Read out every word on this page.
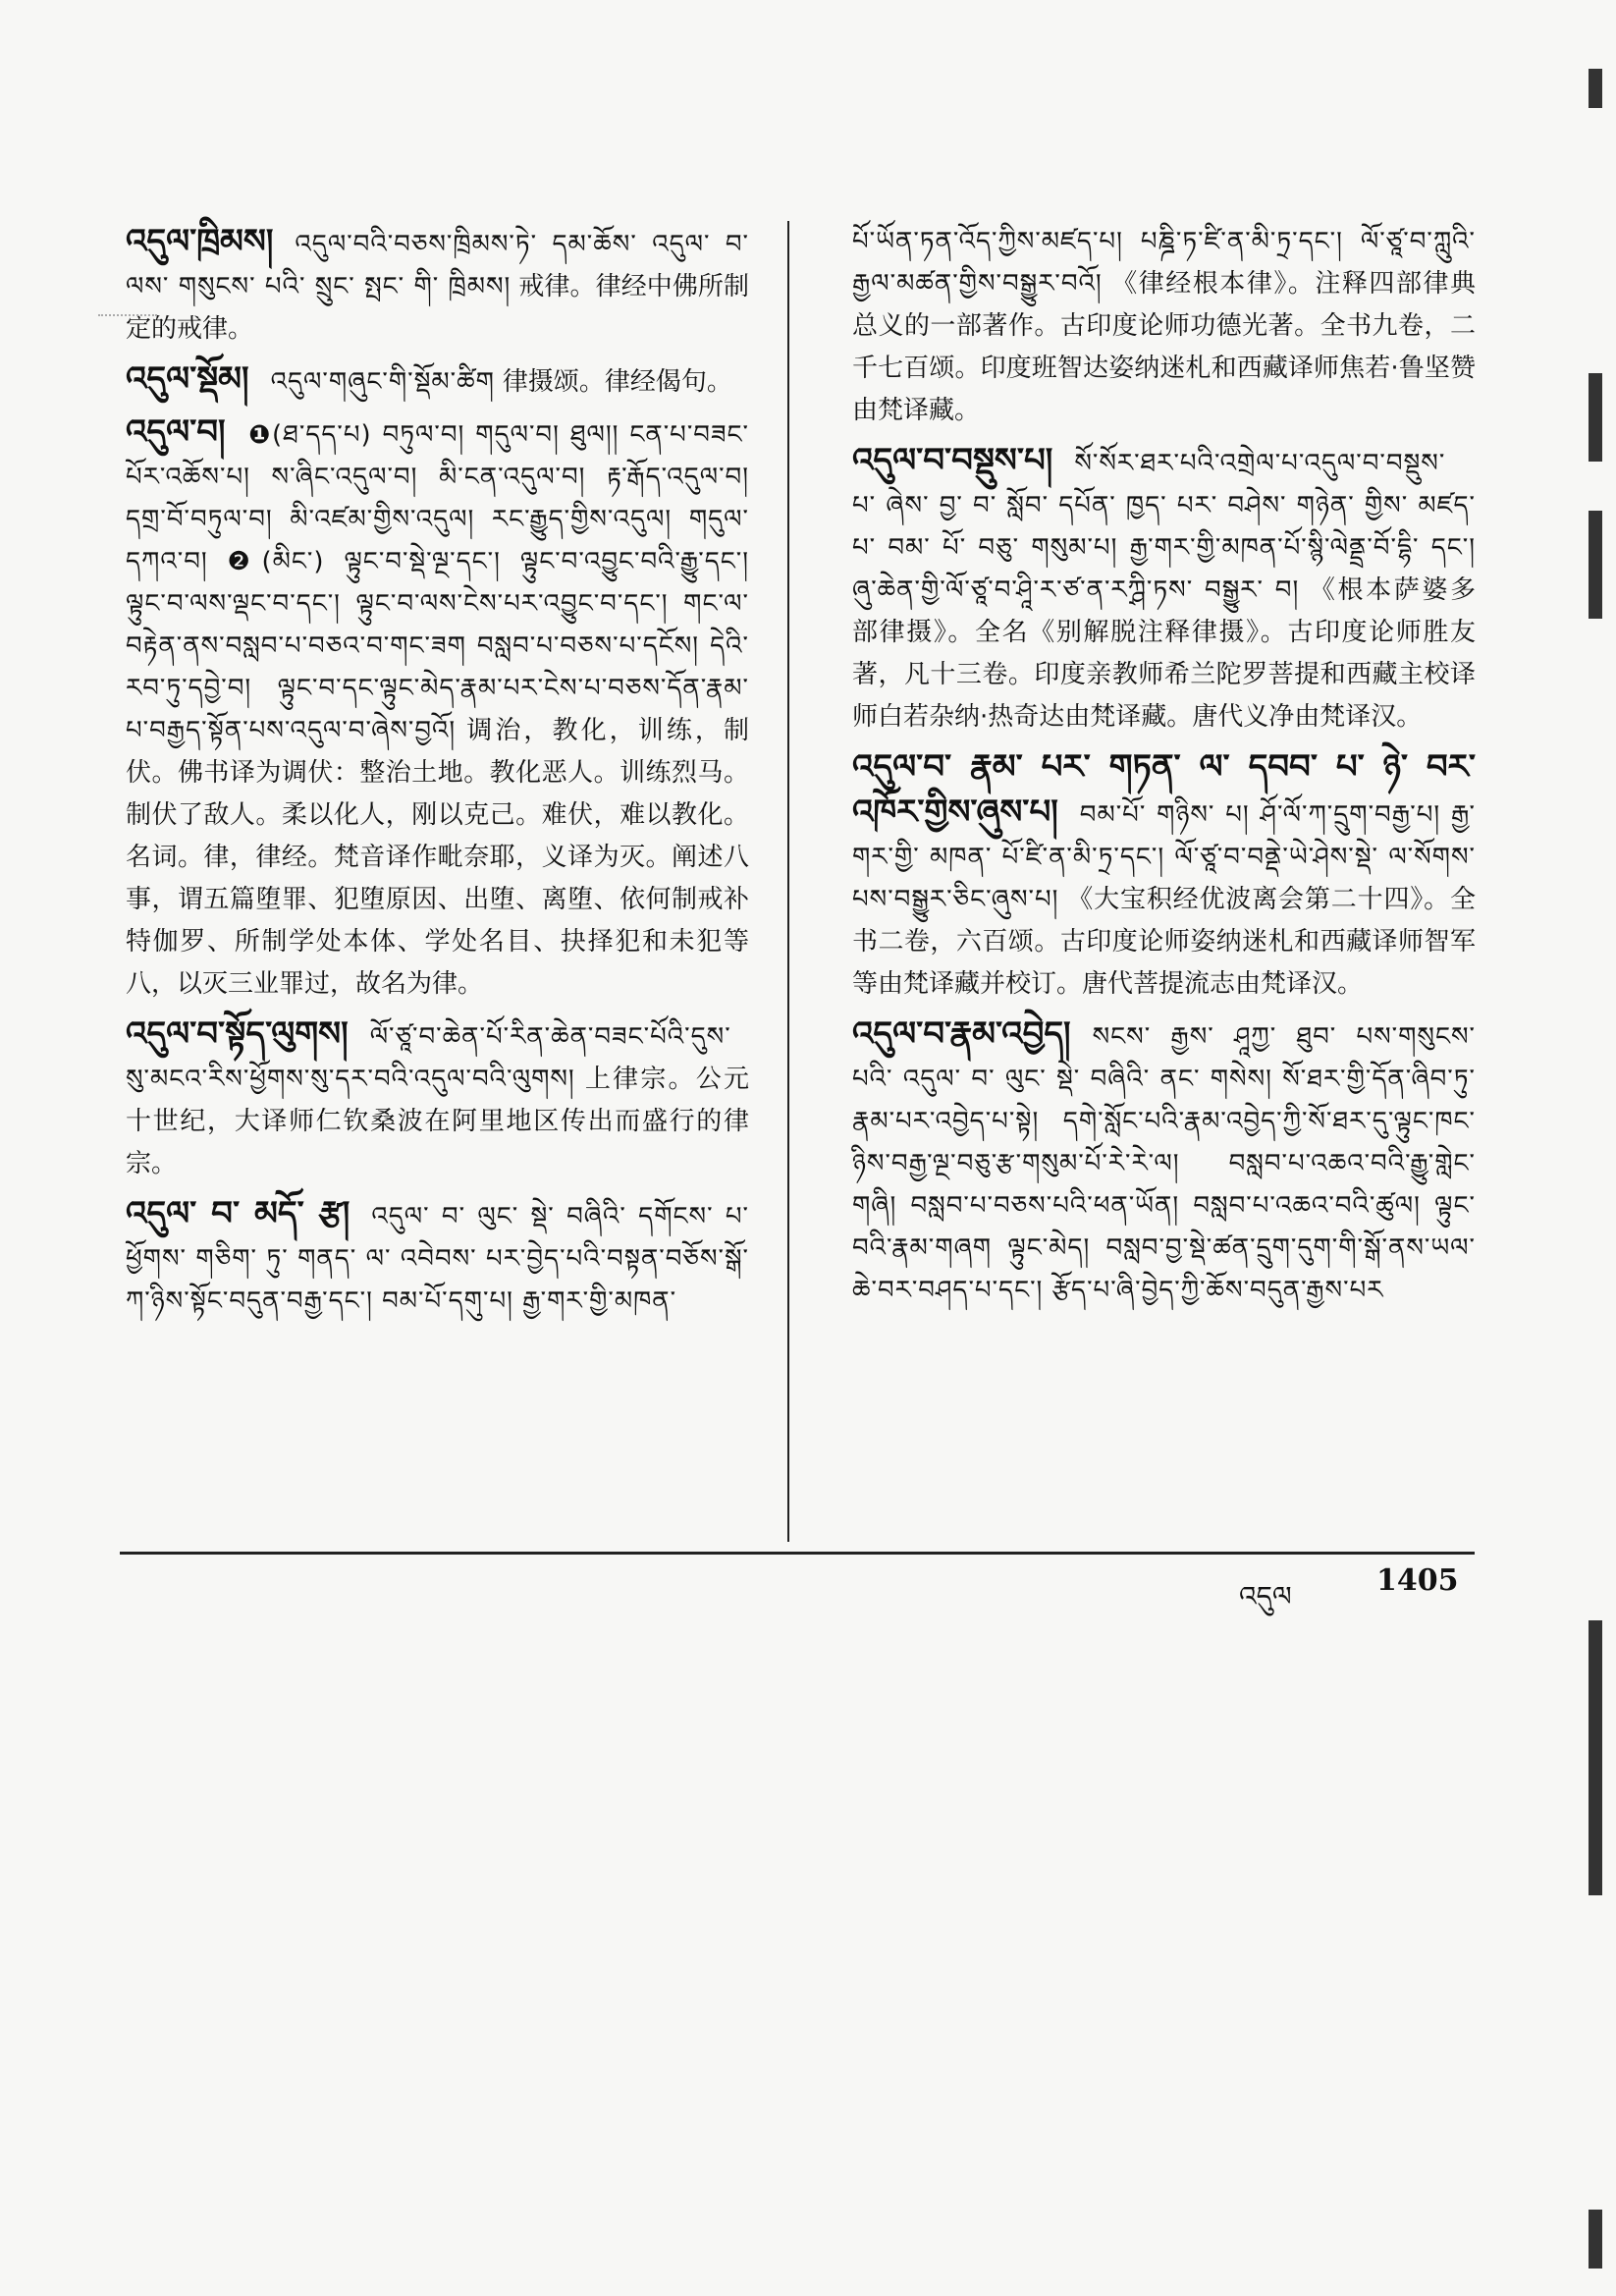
འདུལ་ཁྲིམས། འདུལ་བའི་བཅས་ཁྲིམས་ཏེ་ དམ་ཆོས་ འདུལ་ བ་ ལས་ གསུངས་ པའི་ སྲུང་ སྤང་ གི་ ཁྲིམས། 戒律。律经中佛所制定的戒律。
འདུལ་སྡོམ། འདུལ་གཞུང་གི་སྡོམ་ཚིག 律摄颂。律经偈句。
འདུལ་བ། ❶(ཐ་དད་པ) བཏུལ་བ། གདུལ་བ། ཐུལ།། ངན་པ་བཟང་པོར་འཆོས་པ། ས་ཞིང་འདུལ་བ། མི་ངན་འདུལ་བ། རྟ་རྒོད་འདུལ་བ། དགྲ་བོ་བཏུལ་བ། མི་འཛམ་གྱིས་འདུལ། རང་རྒྱུད་གྱིས་འདུལ། གདུལ་དཀའ་བ། ❷(མིང་) ལྟུང་བ་སྡེ་ལྔ་དང་། ལྟུང་བ་འབྱུང་བའི་རྒྱུ་དང་། ལྟུང་བ་ལས་ལྡང་བ་དང་། ལྟུང་བ་ལས་ངེས་པར་འབྱུང་བ་དང་། གང་ལ་བརྟེན་ནས་བསླབ་པ་བཅའ་བ་གང་ཟག བསླབ་པ་བཅས་པ་དངོས། དེའི་རབ་ཏུ་དབྱེ་བ། ལྟུང་བ་དང་ལྟུང་མེད་རྣམ་པར་ངེས་པ་བཅས་དོན་རྣམ་པ་བརྒྱད་སྟོན་པས་འདུལ་བ་ཞེས་བྱའོ། 调治，教化，训练，制伏。佛书译为调伏：整治土地。教化恶人。训练烈马。制伏了敌人。柔以化人，刚以克己。难伏，难以教化。名词。律，律经。梵音译作毗奈耶，义译为灭。阐述八事，谓五篇堕罪、犯堕原因、出堕、离堕、依何制戒补特伽罗、所制学处本体、学处名目、抉择犯和未犯等八，以灭三业罪过，故名为律。
འདུལ་བ་སྟོད་ལུགས། ལོ་ཙཱ་བ་ཆེན་པོ་རིན་ཆེན་བཟང་པོའི་དུས་སུ་མངའ་རིས་ཕྱོགས་སུ་དར་བའི་འདུལ་བའི་ལུགས། 上律宗。公元十世纪，大译师仁钦桑波在阿里地区传出而盛行的律宗。
འདུལ་ བ་ མདོ་ རྩ། འདུལ་ བ་ ལུང་ སྡེ་ བཞིའི་ དགོངས་ པ་ ཕྱོགས་ གཅིག་ ཏུ་ གནད་ ལ་ འབེབས་ པར་བྱེད་པའི་བསྟན་བཅོས་སྒོ་ཀ་ཉིས་སྟོང་བདུན་བརྒྱ་དང་། བམ་པོ་དགུ་པ། རྒྱ་གར་གྱི་མཁན་
པོ་ཡོན་ཏན་འོད་ཀྱིས་མཛད་པ། པཎྜི་ཏ་ཛི་ན་མི་ཏྲ་དང་། ལོ་ཙཱ་བ་ཀླུའི་རྒྱལ་མཚན་གྱིས་བསྒྱུར་བའོ། 《律经根本律》。注释四部律典总义的一部著作。古印度论师功德光著。全书九卷，二千七百颂。印度班智达姿纳迷札和西藏译师焦若·鲁坚赞由梵译藏。
འདུལ་བ་བསྡུས་པ། སོ་སོར་ཐར་པའི་འགྲེལ་པ་འདུལ་བ་བསྡུས་ པ་ ཞེས་ བྱ་ བ་ སློབ་ དཔོན་ ཁྱད་ པར་ བཤེས་ གཉེན་ གྱིས་ མཛད་ པ་ བམ་ པོ་ བཅུ་ གསུམ་པ། རྒྱ་གར་གྱི་མཁན་པོ་སྙི་ལེནྡྲ་བོ་དྷི་ དང་། ཞུ་ཆེན་གྱི་ལོ་ཙཱ་བ་ཤཱི་ར་ཙ་ན་རཀྴི་ཏས་ བསྒྱུར་ བ། 《根本萨婆多部律摄》。全名《别解脱注释律摄》。古印度论师胜友著，凡十三卷。印度亲教师希兰陀罗菩提和西藏主校译师白若杂纳·热奇达由梵译藏。唐代义净由梵译汉。
འདུལ་བ་ རྣམ་ པར་ གཏན་ ལ་ དབབ་ པ་ ཉེ་ བར་འཁོར་གྱིས་ཞུས་པ། བམ་པོ་ གཉིས་ པ། ཤོ་ལོ་ཀ་དྲུག་བརྒྱ་པ། རྒྱ་གར་གྱི་ མཁན་ པོ་ཛི་ན་མི་ཏྲ་དང་། ལོ་ཙཱ་བ་བནྡེ་ཡེ་ཤེས་སྡེ་ ལ་སོགས་པས་བསྒྱུར་ཅིང་ཞུས་པ། 《大宝积经优波离会第二十四》。全书二卷，六百颂。古印度论师姿纳迷札和西藏译师智军等由梵译藏并校订。唐代菩提流志由梵译汉。
འདུལ་བ་རྣམ་འབྱེད། སངས་ རྒྱས་ ཤཱཀྱ་ ཐུབ་ པས་གསུངས་ པའི་ འདུལ་ བ་ ལུང་ སྡེ་ བཞིའི་ ནང་ གསེས། སོ་ཐར་གྱི་དོན་ཞིབ་ཏུ་རྣམ་པར་འབྱེད་པ་སྟེ། དགེ་སློང་པའི་རྣམ་འབྱེད་ཀྱི་སོ་ཐར་དུ་ལྟུང་ཁང་ཉིས་བརྒྱ་ལྔ་བཅུ་རྩ་གསུམ་པོ་རེ་རེ་ལ། བསླབ་པ་འཆའ་བའི་རྒྱུ་གླེང་གཞི། བསླབ་པ་བཅས་པའི་ཕན་ཡོན། བསླབ་པ་འཆའ་བའི་ཚུལ། ལྟུང་བའི་རྣམ་གཞག ལྟུང་མེད། བསླབ་བྱ་སྡེ་ཚན་དྲུག་དུག་གི་སྒོ་ནས་ཡལ་ཆེ་བར་བཤད་པ་དང་། རྩོད་པ་ཞི་བྱེད་ཀྱི་ཆོས་བདུན་རྒྱས་པར
འདུལ	1405
